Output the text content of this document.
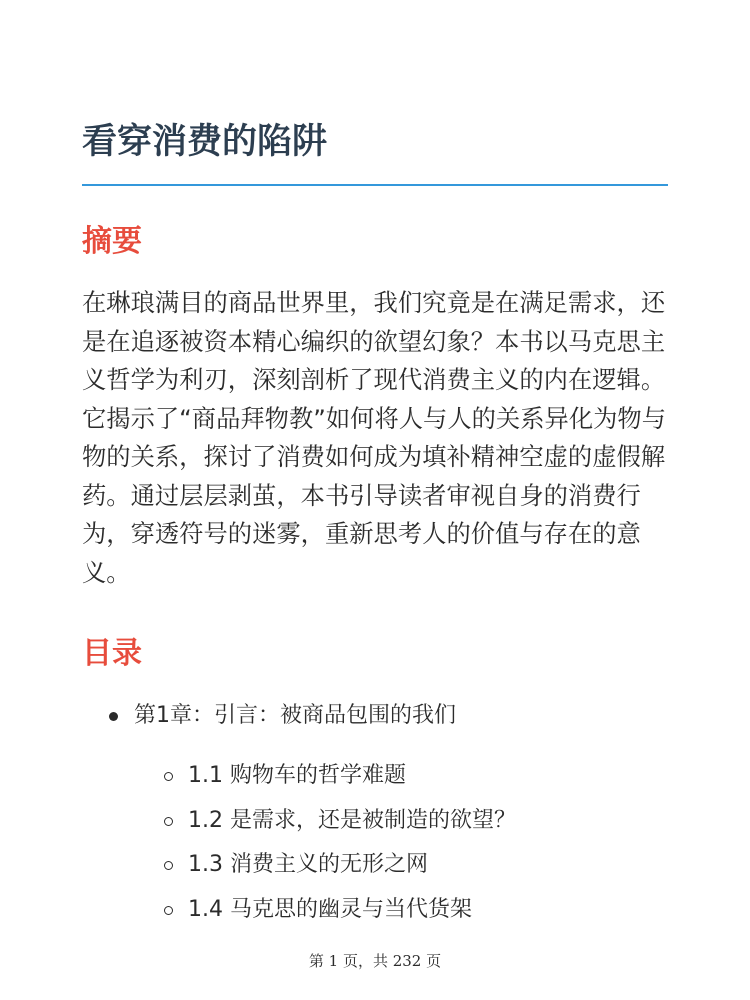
看穿消费的陷阱
摘要

在琳琅满目的商品世界里，我们究竟是在满足需求，还是在追逐被资本精心编织的欲望幻象？本书以马克思主义哲学为利刃，深刻剖析了现代消费主义的内在逻辑。它揭示了“商品拜物教”如何将人与人的关系异化为物与物的关系，探讨了消费如何成为填补精神空虚的虚假解药。通过层层剥茧，本书引导读者审视自身的消费行为，穿透符号的迷雾，重新思考人的价值与存在的意义。

目录
第1章：引言：被商品包围的我们
1.1 购物车的哲学难题
1.2 是需求，还是被制造的欲望？
1.3 消费主义的无形之网
1.4 马克思的幽灵与当代货架
第 1 页，共 232 页
